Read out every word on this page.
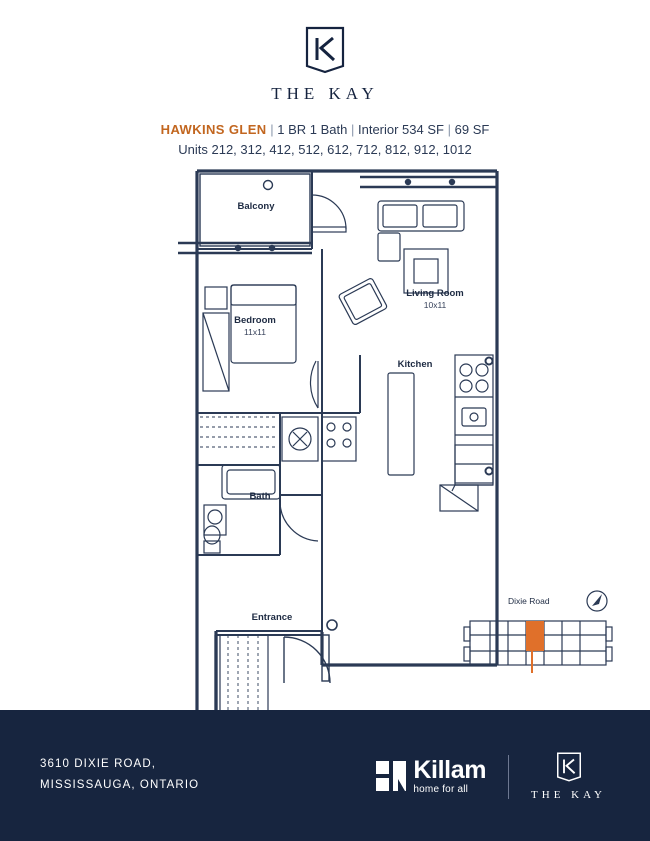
THE KAY
HAWKINS GLEN | 1 BR 1 Bath | Interior 534 SF | 69 SF
Units 212, 312, 412, 512, 612, 712, 812, 912, 1012
Balcony
Bedroom
11x11
Living Room
10x11
Kitchen
Bath
Entrance
Dixie Road
3610 DIXIE ROAD,
MISSISSAUGA, ONTARIO
Killam
home for all	THE KAY
